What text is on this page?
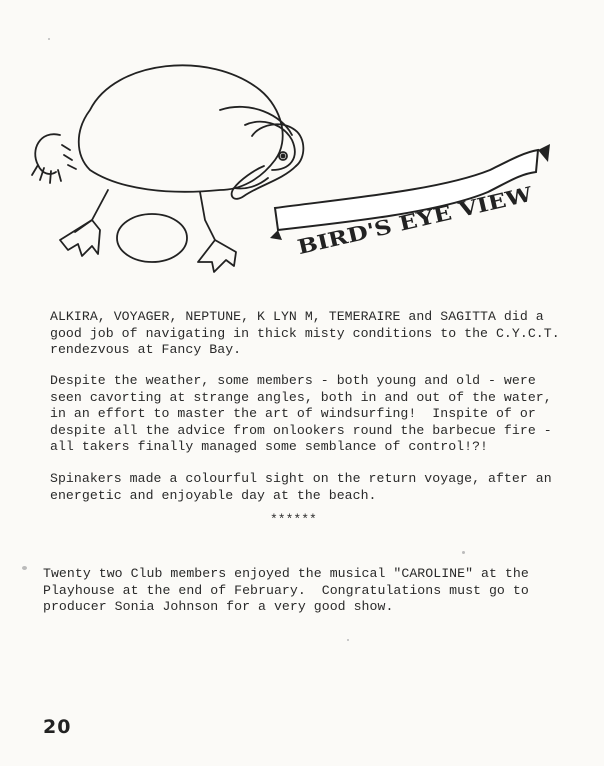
BIRD'S EYE VIEW

ALKIRA, VOYAGER, NEPTUNE, K LYN M, TEMERAIRE and SAGITTA did a
good job of navigating in thick misty conditions to the C.Y.C.T.
rendezvous at Fancy Bay.

Despite the weather, some members - both young and old - were
seen cavorting at strange angles, both in and out of the water,
in an effort to master the art of windsurfing!  Inspite of or
despite all the advice from onlookers round the barbecue fire -
all takers finally managed some semblance of control!?!

Spinakers made a colourful sight on the return voyage, after an
energetic and enjoyable day at the beach.

******

Twenty two Club members enjoyed the musical "CAROLINE" at the
Playhouse at the end of February.  Congratulations must go to
producer Sonia Johnson for a very good show.

20
